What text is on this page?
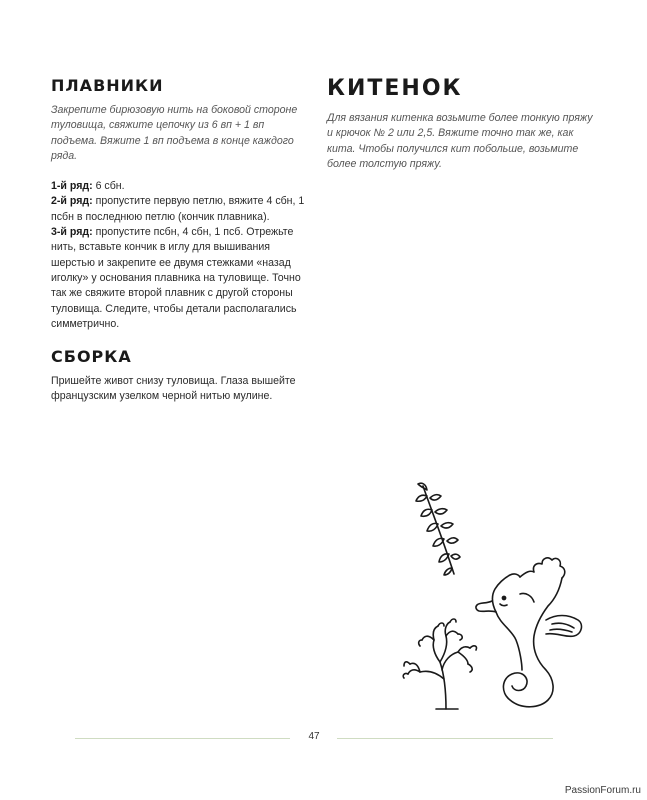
ПЛАВНИКИ

Закрепите бирюзовую нить на боковой стороне туловища, свяжите цепочку из 6 вп + 1 вп подъема. Вяжите 1 вп подъема в конце каждого ряда.

1-й ряд: 6 сбн.

2-й ряд: пропустите первую петлю, вяжите 4 сбн, 1 псбн в последнюю петлю (кончик плавника).

3-й ряд: пропустите псбн, 4 сбн, 1 псб. Отрежьте нить, вставьте кончик в иглу для вышивания шерстью и закрепите ее двумя стежками «назад иголку» у основания плавника на туловище. Точно так же свяжите второй плавник с другой стороны туловища. Следите, чтобы детали располагались симметрично.

СБОРКА

Пришейте живот снизу туловища. Глаза вышейте французским узелком черной нитью мулине.

КИТЕНОК

Для вязания китенка возьмите более тонкую пряжу и крючок № 2 или 2,5. Вяжите точно так же, как кита. Чтобы получился кит побольше, возьмите более толстую пряжу.

47
PassionForum.ru
